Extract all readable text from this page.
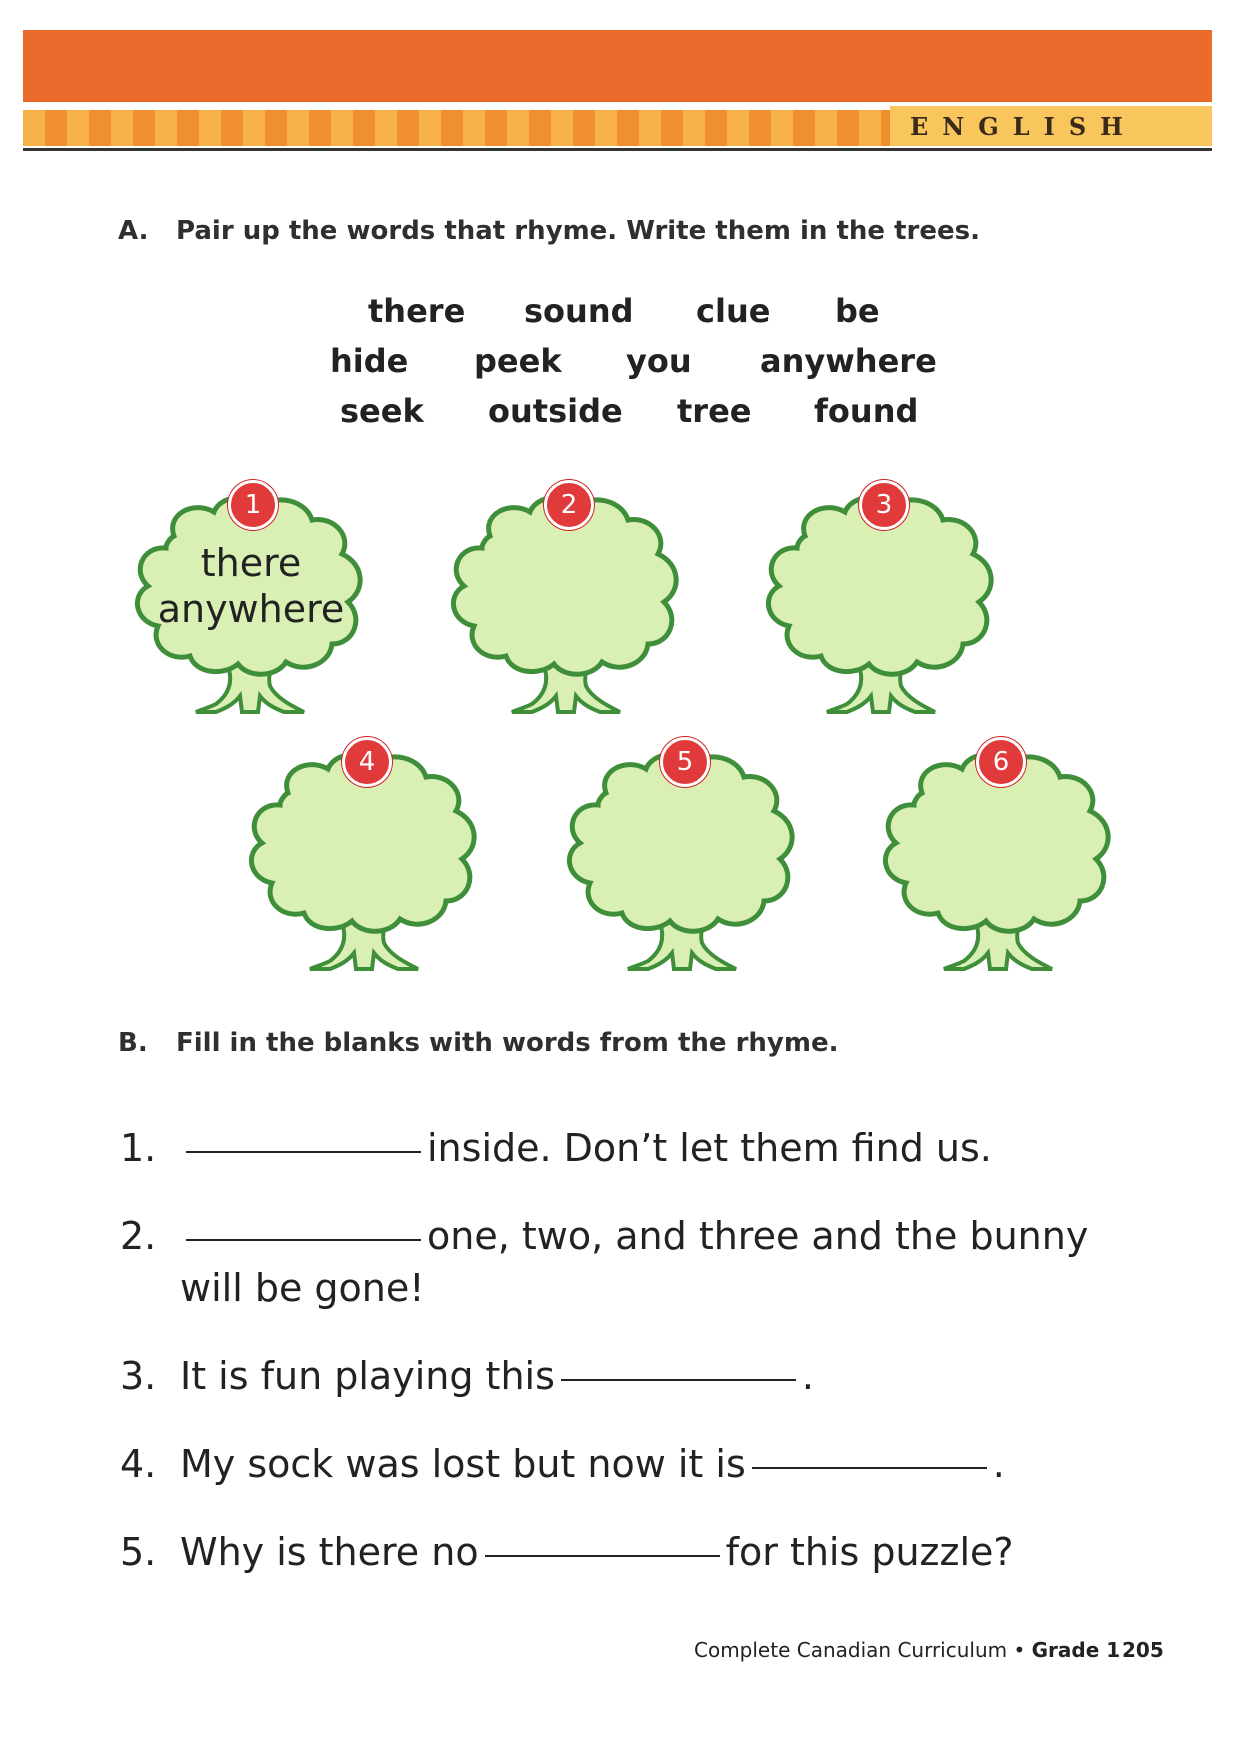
ENGLISH
A. Pair up the words that rhyme. Write them in the trees.
there sound clue be
hide peek you anywhere
seek outside tree found
1
there
anywhere
2	3
4	5	6
B. Fill in the blanks with words from the rhyme.
1.	inside. Don’t let them find us.
2.	one, two, and three and the bunny
will be gone!
3. It is fun playing this	.
4. My sock was lost but now it is	.
5. Why is there no	for this puzzle?
Complete Canadian Curriculum • Grade 1 205
